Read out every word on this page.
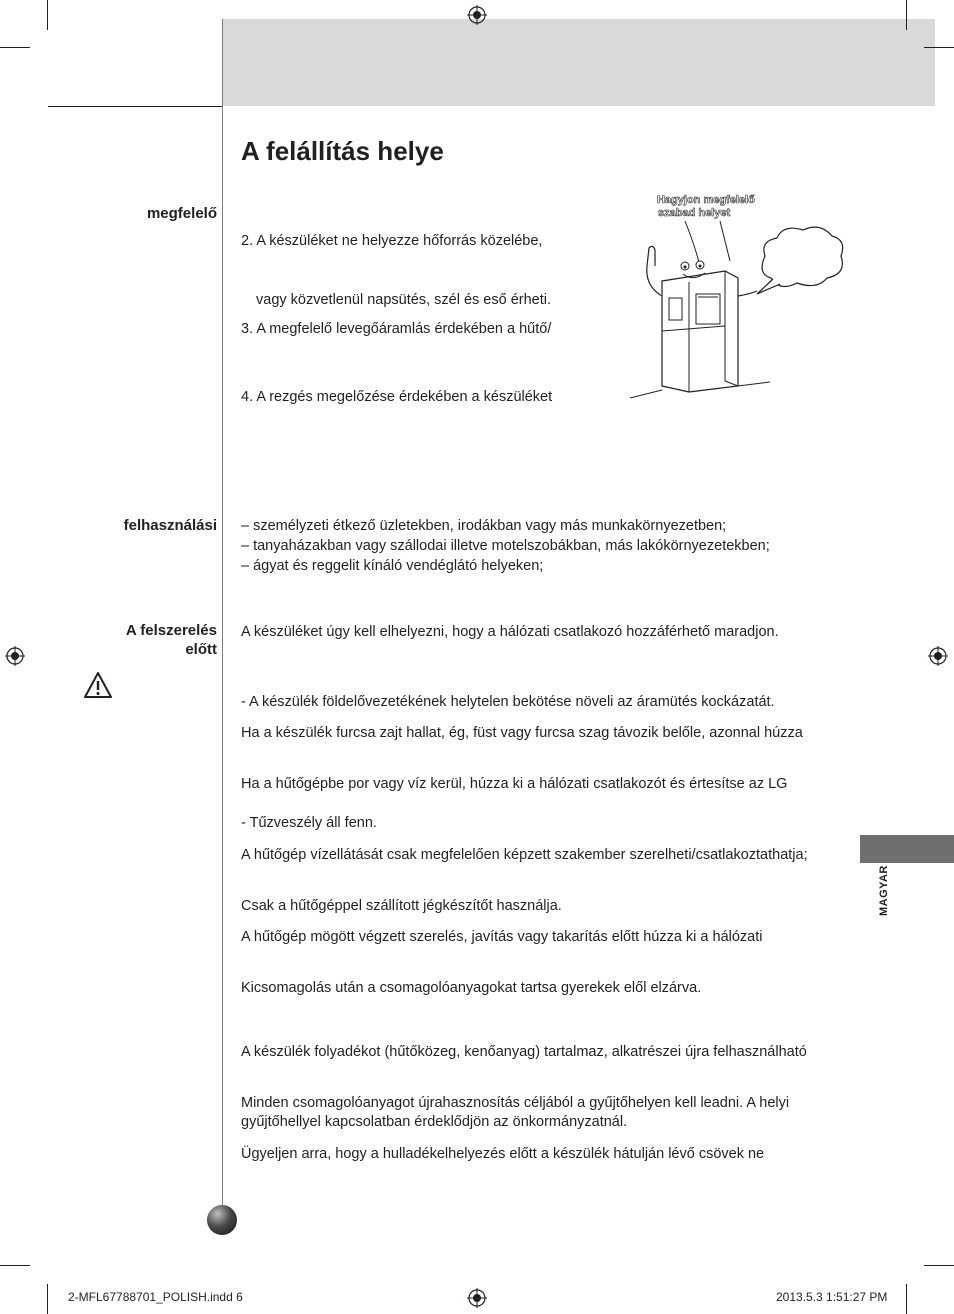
A felállítás helye
megfelelő
felhasználási
A felszerelés
előtt
2. A készüléket ne helyezze hőforrás közelébe,
vagy közvetlenül napsütés, szél és eső érheti.
3. A megfelelő levegőáramlás érdekében a hűtő/
4. A rezgés megelőzése érdekében a készüléket
– személyzeti étkező üzletekben, irodákban vagy más munkakörnyezetben;
– tanyaházakban vagy szállodai illetve motelszobákban, más lakókörnyezetekben;
– ágyat és reggelit kínáló vendéglátó helyeken;
A készüléket úgy kell elhelyezni, hogy a hálózati csatlakozó hozzáférhető maradjon.
- A készülék földelővezetékének helytelen bekötése növeli az áramütés kockázatát.
Ha a készülék furcsa zajt hallat, ég, füst vagy furcsa szag távozik belőle, azonnal húzza
Ha a hűtőgépbe por vagy víz kerül, húzza ki a hálózati csatlakozót és értesítse az LG
- Tűzveszély áll fenn.
A hűtőgép vízellátását csak megfelelően képzett szakember szerelheti/csatlakoztathatja;
Csak a hűtőgéppel szállított jégkészítőt használja.
A hűtőgép mögött végzett szerelés, javítás vagy takarítás előtt húzza ki a hálózati
Kicsomagolás után a csomagolóanyagokat tartsa gyerekek elől elzárva.
A készülék folyadékot (hűtőközeg, kenőanyag) tartalmaz, alkatrészei újra felhasználható
Minden csomagolóanyagot újrahasznosítás céljából a gyűjtőhelyen kell leadni. A helyi
gyűjtőhellyel kapcsolatban érdeklődjön az önkormányzatnál.
Ügyeljen arra, hogy a hulladékelhelyezés előtt a készülék hátulján lévő csövek ne
Hagyjon megfelelő
szabad helyet
MAGYAR
2-MFL67788701_POLISH.indd 6	2013.5.3 1:51:27 PM
